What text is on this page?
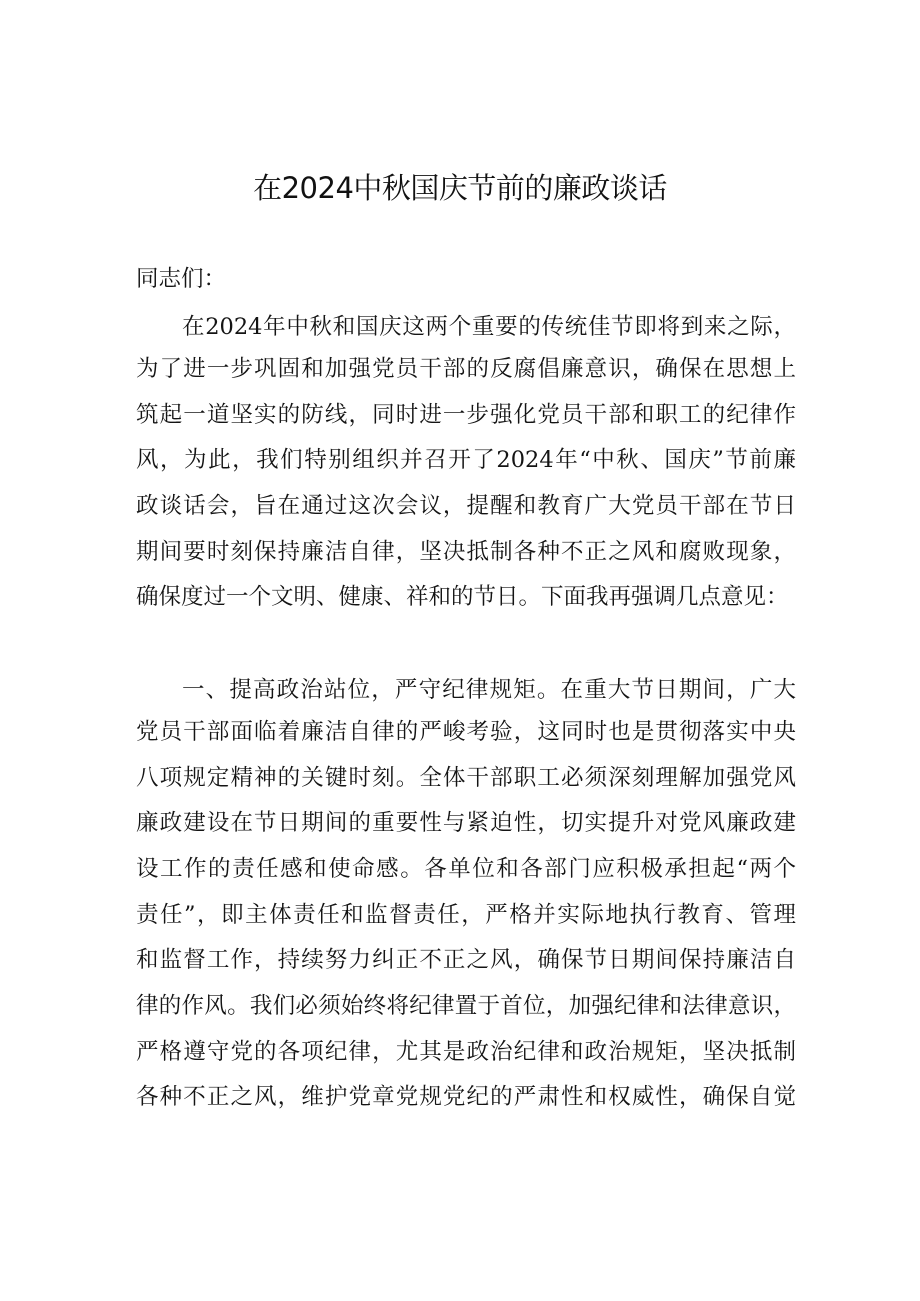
在2024中秋国庆节前的廉政谈话

同志们：

在2024年中秋和国庆这两个重要的传统佳节即将到来之际，

为了进一步巩固和加强党员干部的反腐倡廉意识，确保在思想上

筑起一道坚实的防线，同时进一步强化党员干部和职工的纪律作

风，为此，我们特别组织并召开了2024年“中秋、国庆”节前廉

政谈话会，旨在通过这次会议，提醒和教育广大党员干部在节日

期间要时刻保持廉洁自律，坚决抵制各种不正之风和腐败现象，

确保度过一个文明、健康、祥和的节日。下面我再强调几点意见：

一、提高政治站位，严守纪律规矩。在重大节日期间，广大

党员干部面临着廉洁自律的严峻考验，这同时也是贯彻落实中央

八项规定精神的关键时刻。全体干部职工必须深刻理解加强党风

廉政建设在节日期间的重要性与紧迫性，切实提升对党风廉政建

设工作的责任感和使命感。各单位和各部门应积极承担起“两个

责任”，即主体责任和监督责任，严格并实际地执行教育、管理

和监督工作，持续努力纠正不正之风，确保节日期间保持廉洁自

律的作风。我们必须始终将纪律置于首位，加强纪律和法律意识，

严格遵守党的各项纪律，尤其是政治纪律和政治规矩，坚决抵制

各种不正之风，维护党章党规党纪的严肃性和权威性，确保自觉
